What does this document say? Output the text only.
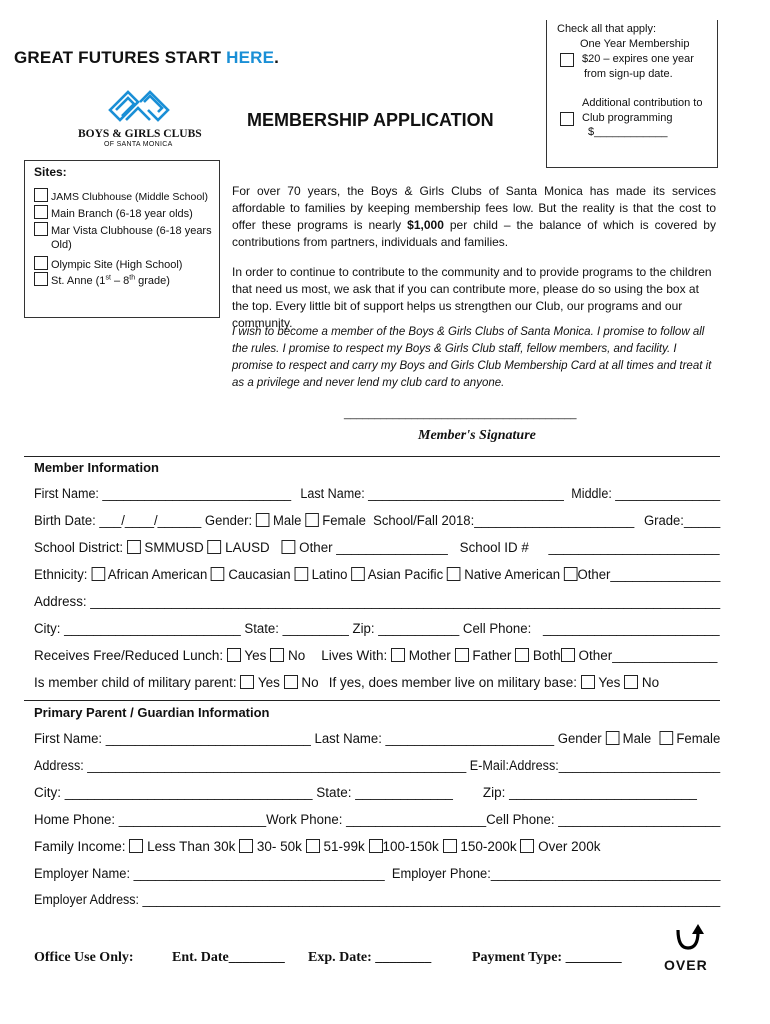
GREAT FUTURES START HERE.
BOYS & GIRLS CLUBS
OF SANTA MONICA
MEMBERSHIP APPLICATION
Check all that apply:
One Year Membership
$20 – expires one year
from sign-up date.
Additional contribution to
Club programming
$____________
Sites:
JAMS Clubhouse (Middle School)
Main Branch (6-18 year olds)
Mar Vista Clubhouse (6-18 years
Old)
Olympic Site (High School)
St. Anne (1st – 8th grade)
For over 70 years, the Boys & Girls Clubs of Santa Monica has made its services affordable to families by keeping membership fees low. But the reality is that the cost to offer these programs is nearly $1,000 per child – the balance of which is covered by contributions from partners, individuals and families.
In order to continue to contribute to the community and to provide programs to the children that need us most, we ask that if you can contribute more, please do so using the box at the top. Every little bit of support helps us strengthen our Club, our programs and our community.
I wish to become a member of the Boys & Girls Clubs of Santa Monica. I promise to follow all the rules. I promise to respect my Boys & Girls Club staff, fellow members, and facility. I promise to respect and carry my Boys and Girls Club Membership Card at all times and treat it as a privilege and never lend my club card to anyone.
______________________________________
Member's Signature
Member Information
First Name: ___________________________ Last Name: ____________________________ Middle: _______________
Birth Date: ___/____/______ Gender: Male Female  School/Fall 2018:______________________ Grade:_____
School District: SMMUSD LAUSD Other _______________ School ID # _______________________
Ethnicity: African American Caucasian Latino Asian Pacific Native American Other_______________
Address: _____________________________________________________________________________________
City: ________________________ State: _________ Zip: ___________ Cell Phone: ________________________
Receives Free/Reduced Lunch: Yes No Lives With: Mother Father Both Other______________
Is member child of military parent: Yes No If yes, does member live on military base: Yes No
Primary Parent / Guardian Information
First Name: ____________________________ Last Name: _______________________ Gender Male Female
Address: ______________________________________________________ E-Mail:Address:_______________________
City: _________________________________ State: _____________ Zip: _________________________
Home Phone: ____________________Work Phone: ___________________Cell Phone: ______________________
Family Income: Less Than 30k 30- 50k 51-99k 100-150k 150-200k Over 200k
Employer Name: ___________________________________  Employer Phone:________________________________
Employer Address: ___________________________________________________________________________________
Office Use Only:	Ent. Date________ Exp. Date: ________	Payment Type: ________	OVER
